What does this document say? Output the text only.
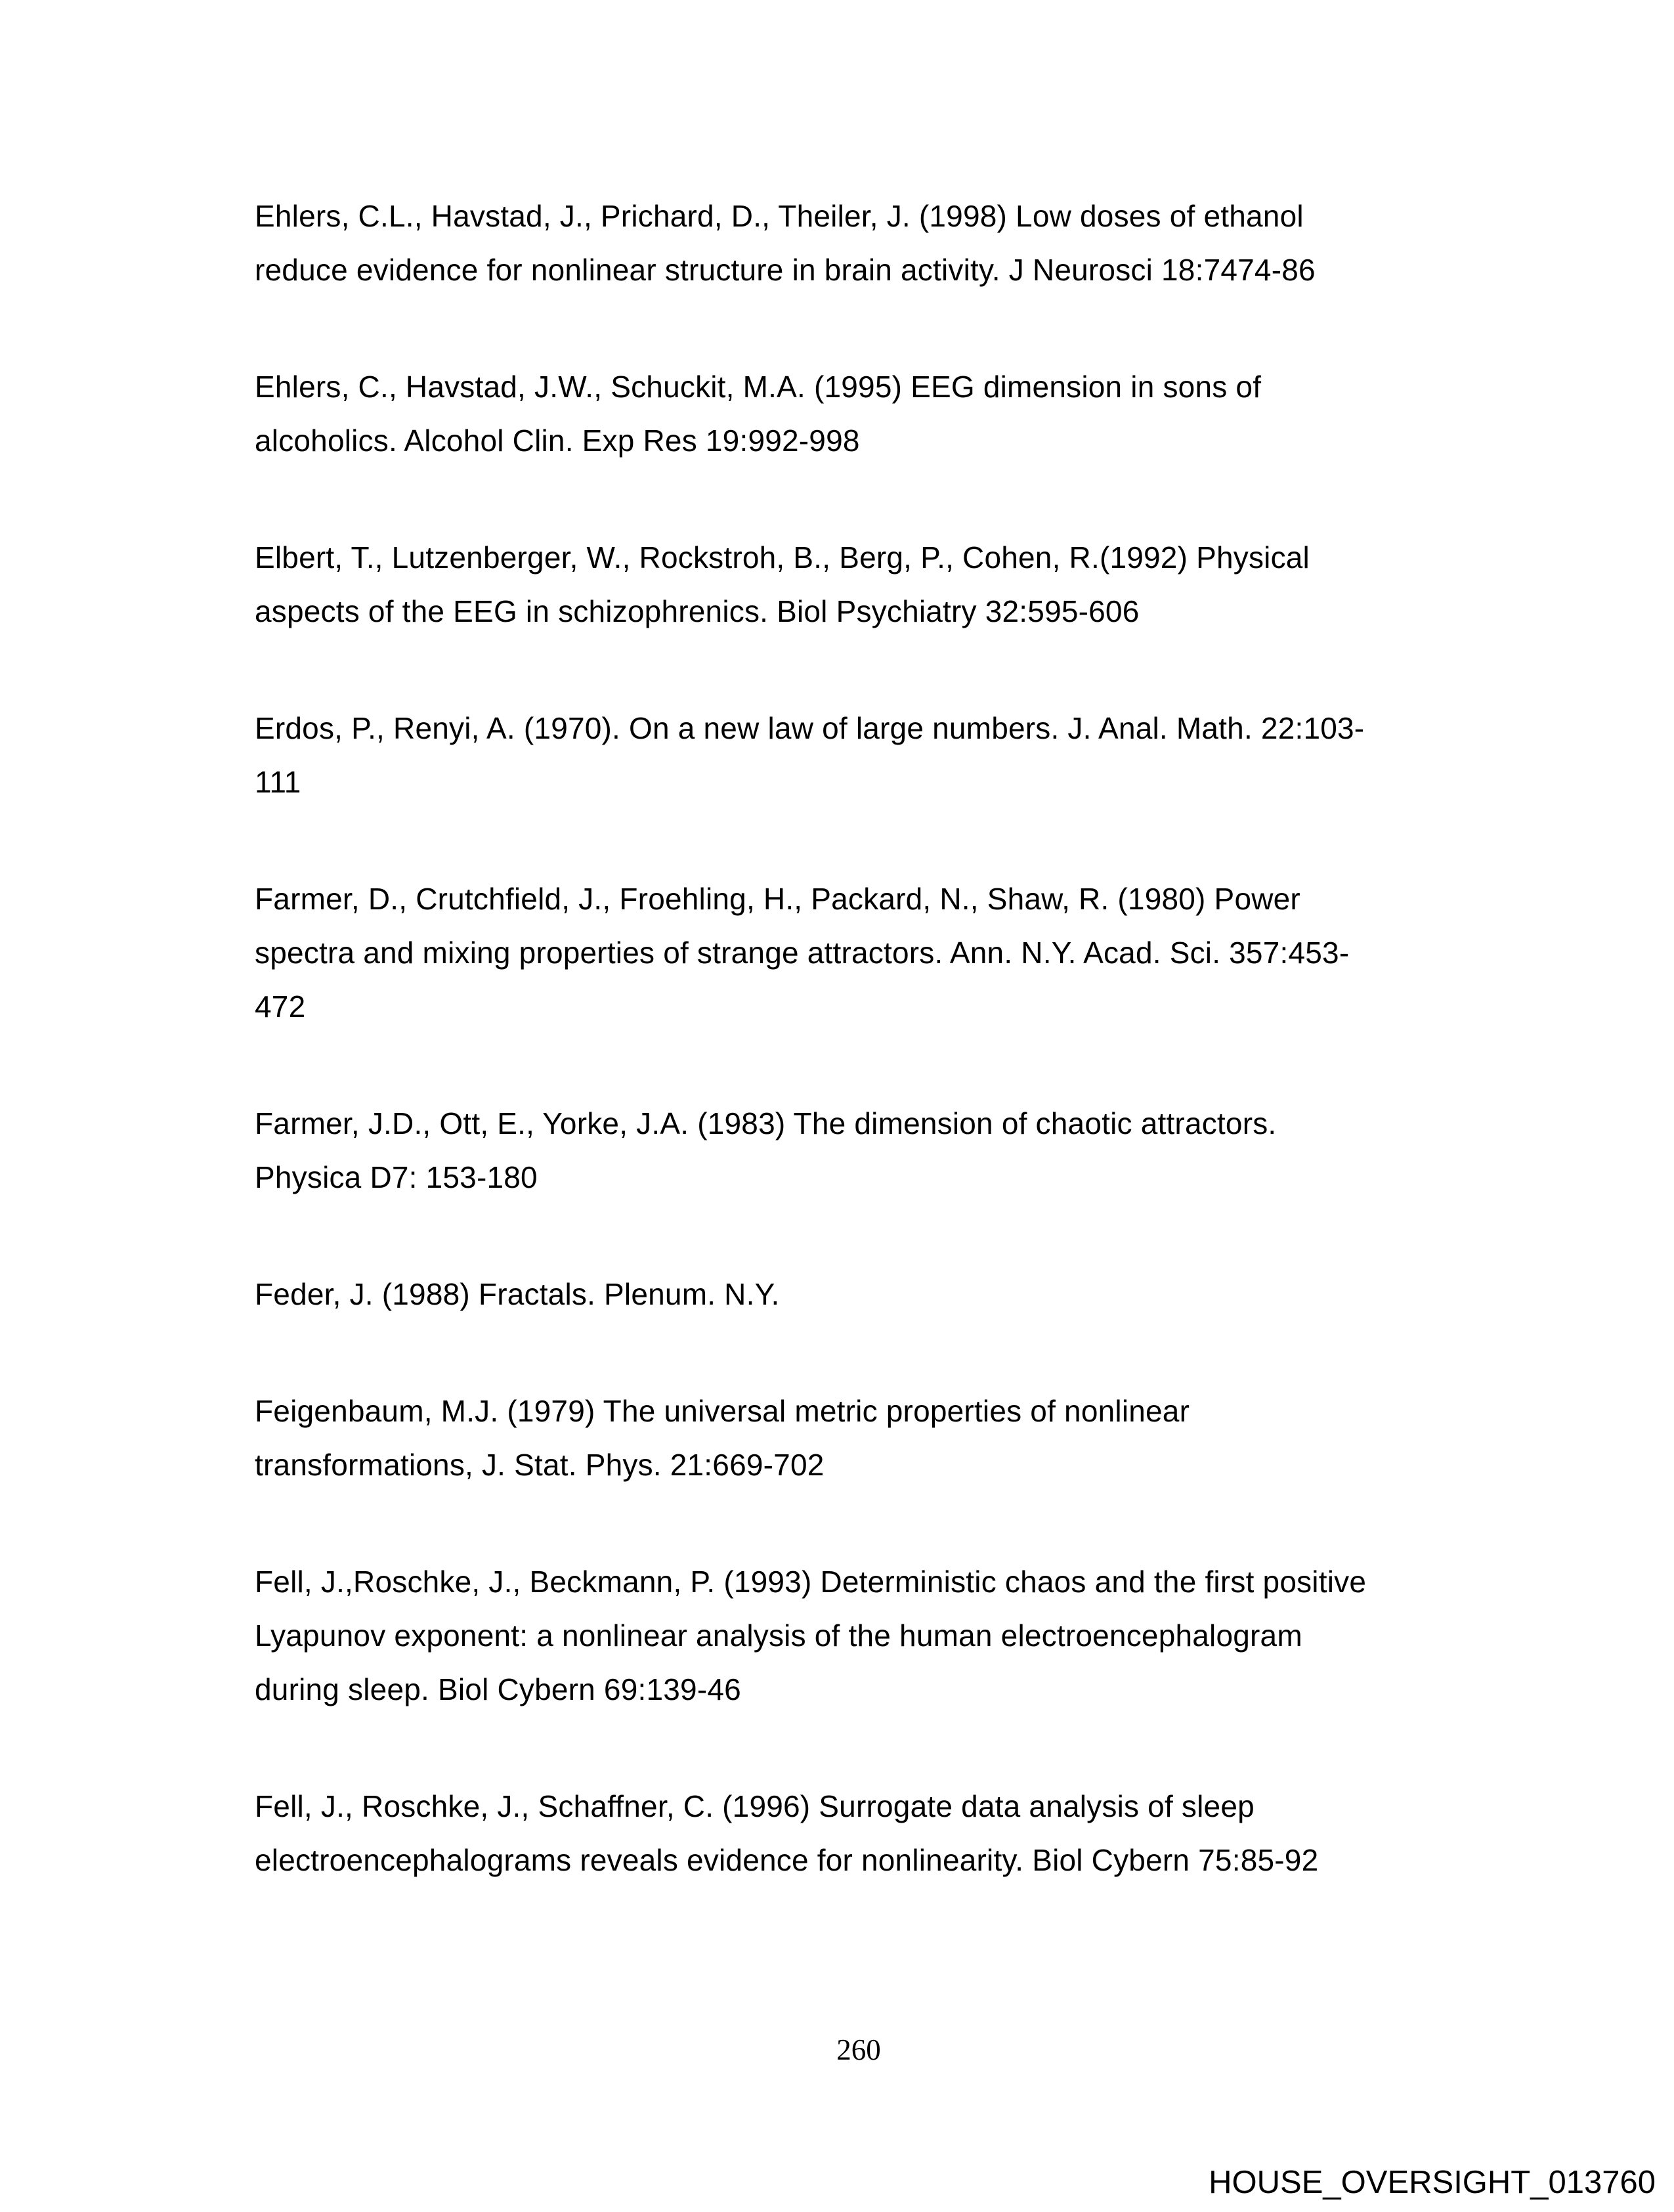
Ehlers, C.L., Havstad, J., Prichard, D., Theiler, J. (1998) Low doses of ethanol
reduce evidence for nonlinear structure in brain activity. J Neurosci 18:7474-86

Ehlers, C., Havstad, J.W., Schuckit, M.A. (1995) EEG dimension in sons of
alcoholics. Alcohol Clin. Exp Res 19:992-998

Elbert, T., Lutzenberger, W., Rockstroh, B., Berg, P., Cohen, R.(1992) Physical
aspects of the EEG in schizophrenics. Biol Psychiatry 32:595-606

Erdos, P., Renyi, A. (1970). On a new law of large numbers. J. Anal. Math. 22:103-
111

Farmer, D., Crutchfield, J., Froehling, H., Packard, N., Shaw, R. (1980) Power
spectra and mixing properties of strange attractors. Ann. N.Y. Acad. Sci. 357:453-
472

Farmer, J.D., Ott, E., Yorke, J.A. (1983) The dimension of chaotic attractors.
Physica D7: 153-180

Feder, J. (1988) Fractals. Plenum. N.Y.

Feigenbaum, M.J. (1979) The universal metric properties of nonlinear
transformations, J. Stat. Phys. 21:669-702

Fell, J.,Roschke, J., Beckmann, P. (1993) Deterministic chaos and the first positive
Lyapunov exponent: a nonlinear analysis of the human electroencephalogram
during sleep. Biol Cybern 69:139-46

Fell, J., Roschke, J., Schaffner, C. (1996) Surrogate data analysis of sleep
electroencephalograms reveals evidence for nonlinearity. Biol Cybern 75:85-92

260
HOUSE_OVERSIGHT_013760
